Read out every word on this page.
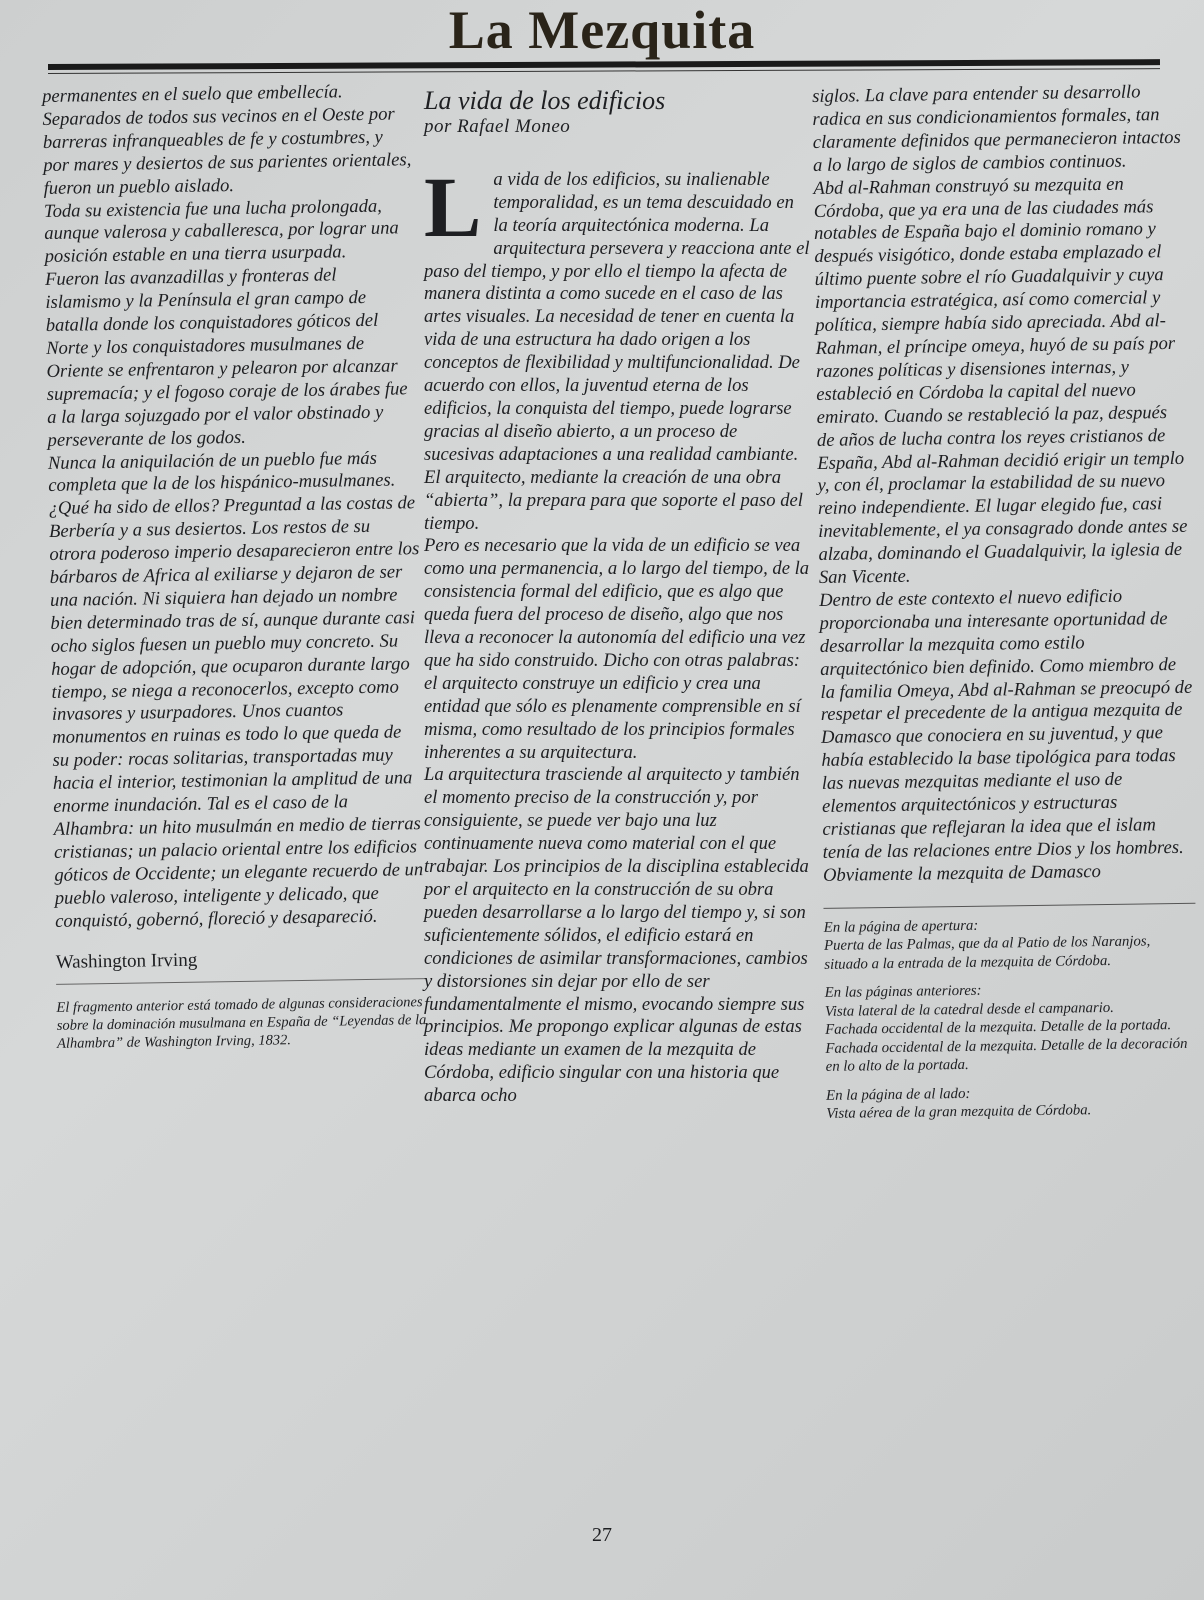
La Mezquita

permanentes en el suelo que embellecía. Separados de todos sus vecinos en el Oeste por barreras infranqueables de fe y costumbres, y por mares y desiertos de sus parientes orientales, fueron un pueblo aislado.

Toda su existencia fue una lucha prolongada, aunque valerosa y caballeresca, por lograr una posición estable en una tierra usurpada.

Fueron las avanzadillas y fronteras del islamismo y la Península el gran campo de batalla donde los conquistadores góticos del Norte y los conquistadores musulmanes de Oriente se enfrentaron y pelearon por alcanzar supremacía; y el fogoso coraje de los árabes fue a la larga sojuzgado por el valor obstinado y perseverante de los godos.

Nunca la aniquilación de un pueblo fue más completa que la de los hispánico-musulmanes. ¿Qué ha sido de ellos? Preguntad a las costas de Berbería y a sus desiertos. Los restos de su otrora poderoso imperio desaparecieron entre los bárbaros de Africa al exiliarse y dejaron de ser una nación. Ni siquiera han dejado un nombre bien determinado tras de sí, aunque durante casi ocho siglos fuesen un pueblo muy concreto. Su hogar de adopción, que ocuparon durante largo tiempo, se niega a reconocerlos, excepto como invasores y usurpadores. Unos cuantos monumentos en ruinas es todo lo que queda de su poder: rocas solitarias, transportadas muy hacia el interior, testimonian la amplitud de una enorme inundación. Tal es el caso de la Alhambra: un hito musulmán en medio de tierras cristianas; un palacio oriental entre los edificios góticos de Occidente; un elegante recuerdo de un pueblo valeroso, inteligente y delicado, que conquistó, gobernó, floreció y desapareció.

Washington Irving
El fragmento anterior está tomado de algunas consideraciones sobre la dominación musulmana en España de “Leyendas de la Alhambra” de Washington Irving, 1832.
La vida de los edificios
por Rafael Moneo

La vida de los edificios, su inalienable temporalidad, es un tema descuidado en la teoría arquitectónica moderna. La arquitectura persevera y reacciona ante el paso del tiempo, y por ello el tiempo la afecta de manera distinta a como sucede en el caso de las artes visuales. La necesidad de tener en cuenta la vida de una estructura ha dado origen a los conceptos de flexibilidad y multifuncionalidad. De acuerdo con ellos, la juventud eterna de los edificios, la conquista del tiempo, puede lograrse gracias al diseño abierto, a un proceso de sucesivas adaptaciones a una realidad cambiante. El arquitecto, mediante la creación de una obra “abierta”, la prepara para que soporte el paso del tiempo.

Pero es necesario que la vida de un edificio se vea como una permanencia, a lo largo del tiempo, de la consistencia formal del edificio, que es algo que queda fuera del proceso de diseño, algo que nos lleva a reconocer la autonomía del edificio una vez que ha sido construido. Dicho con otras palabras: el arquitecto construye un edificio y crea una entidad que sólo es plenamente comprensible en sí misma, como resultado de los principios formales inherentes a su arquitectura.

La arquitectura trasciende al arquitecto y también el momento preciso de la construcción y, por consiguiente, se puede ver bajo una luz continuamente nueva como material con el que trabajar. Los principios de la disciplina establecida por el arquitecto en la construcción de su obra pueden desarrollarse a lo largo del tiempo y, si son suficientemente sólidos, el edificio estará en condiciones de asimilar transformaciones, cambios y distorsiones sin dejar por ello de ser fundamentalmente el mismo, evocando siempre sus principios. Me propongo explicar algunas de estas ideas mediante un examen de la mezquita de Córdoba, edificio singular con una historia que abarca ocho

siglos. La clave para entender su desarrollo radica en sus condicionamientos formales, tan claramente definidos que permanecieron intactos a lo largo de siglos de cambios continuos.

Abd al-Rahman construyó su mezquita en Córdoba, que ya era una de las ciudades más notables de España bajo el dominio romano y después visigótico, donde estaba emplazado el último puente sobre el río Guadalquivir y cuya importancia estratégica, así como comercial y política, siempre había sido apreciada. Abd al-Rahman, el príncipe omeya, huyó de su país por razones políticas y disensiones internas, y estableció en Córdoba la capital del nuevo emirato. Cuando se restableció la paz, después de años de lucha contra los reyes cristianos de España, Abd al-Rahman decidió erigir un templo y, con él, proclamar la estabilidad de su nuevo reino independiente. El lugar elegido fue, casi inevitablemente, el ya consagrado donde antes se alzaba, dominando el Guadalquivir, la iglesia de San Vicente.

Dentro de este contexto el nuevo edificio proporcionaba una interesante oportunidad de desarrollar la mezquita como estilo arquitectónico bien definido. Como miembro de la familia Omeya, Abd al-Rahman se preocupó de respetar el precedente de la antigua mezquita de Damasco que conociera en su juventud, y que había establecido la base tipológica para todas las nuevas mezquitas mediante el uso de elementos arquitectónicos y estructuras cristianas que reflejaran la idea que el islam tenía de las relaciones entre Dios y los hombres. Obviamente la mezquita de Damasco

En la página de apertura:

Puerta de las Palmas, que da al Patio de los Naranjos, situado a la entrada de la mezquita de Córdoba.

En las páginas anteriores:

Vista lateral de la catedral desde el campanario.

Fachada occidental de la mezquita. Detalle de la portada.

Fachada occidental de la mezquita. Detalle de la decoración en lo alto de la portada.

En la página de al lado:

Vista aérea de la gran mezquita de Córdoba.

27
